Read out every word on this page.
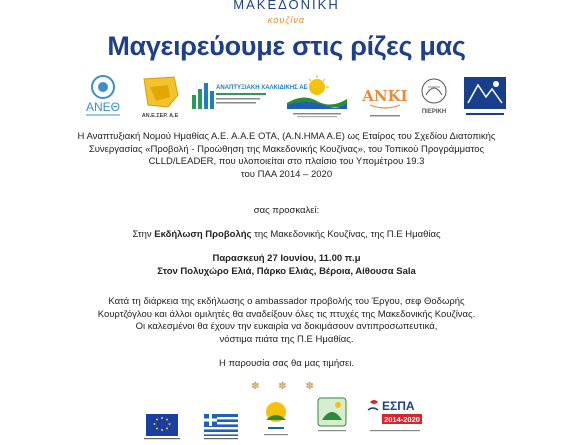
ΜΑΚΕΔΟΝΙΚΗ
κουζίνα
Μαγειρεύουμε στις ρίζες μας
ΑΝΕΘ
ΑΝ.Ε.ΣΕΡ. Α.Ε
ΑΝΑΠΤΥΞΙΑΚΗ ΧΑΛΚΙΔΙΚΗΣ ΑΕ	ΑΝΚΙ
ΠΙΕΡΙΚΗ
Η Αναπτυξιακή Νομού Ημαθίας Α.Ε. Α.Α.Ε ΟΤΑ, (Α.Ν.ΗΜΑ Α.Ε) ως Εταίρος του Σχεδίου Διατοπικής
Συνεργασίας «Προβολή - Προώθηση της Μακεδονικής Κουζίνας», του Τοπικού Προγράμματος
CLLD/LEADER, που υλοποιείται στο πλαίσιο του Υπομέτρου 19.3
του ΠΑΑ 2014 – 2020
σας προσκαλεί:
Στην Εκδήλωση Προβολής της Μακεδονικής Κουζίνας, της Π.Ε Ημαθίας
Παρασκευή 27 Ιουνίου, 11.00 π.μ
Στον Πολυχώρο Ελιά, Πάρκο Ελιάς, Βέροια, Αίθουσα Sala
Κατά τη διάρκεια της εκδήλωσης ο ambassador προβολής του Έργου, σεφ Θοδωρής
Κουρτζόγλου και άλλοι ομιλητές θα αναδείξουν όλες τις πτυχές της Μακεδονικής Κουζίνας.
Οι καλεσμένοι θα έχουν την ευκαιρία να δοκιμάσουν αντιπροσωπευτικά,
νόστιμα πιάτα της Π.Ε Ημαθίας.
Η παρουσία σας θα μας τιμήσει.
✽ ✽ ✽
ΕΣΠΑ
2014-2020
